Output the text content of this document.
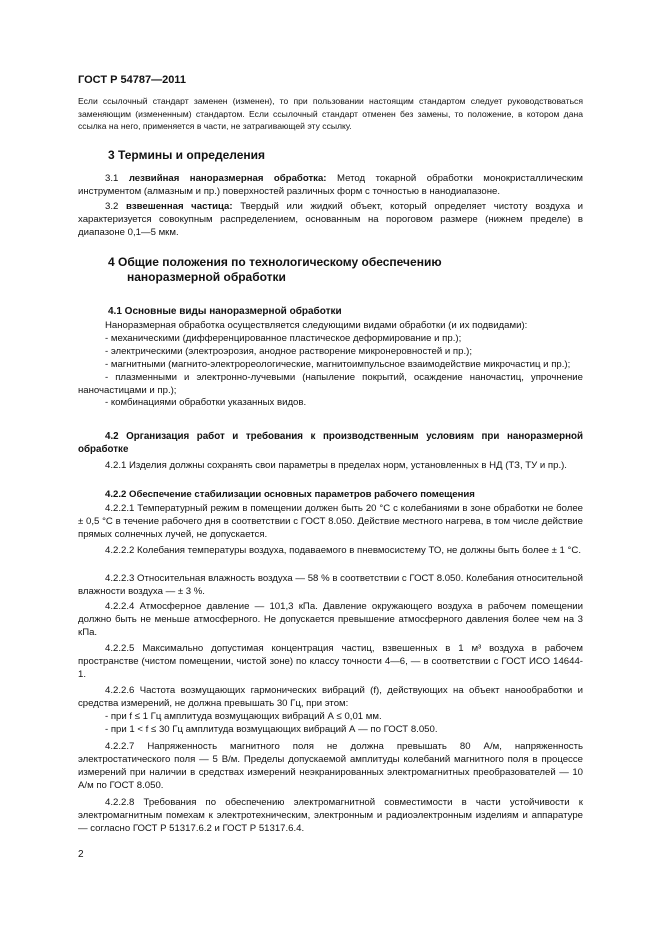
ГОСТ Р 54787—2011

Если ссылочный стандарт заменен (изменен), то при пользовании настоящим стандартом следует руководствоваться заменяющим (измененным) стандартом. Если ссылочный стандарт отменен без замены, то положение, в котором дана ссылка на него, применяется в части, не затрагивающей эту ссылку.

3 Термины и определения

3.1 лезвийная наноразмерная обработка: Метод токарной обработки монокристаллическим инструментом (алмазным и пр.) поверхностей различных форм с точностью в нанодиапазоне.

3.2 взвешенная частица: Твердый или жидкий объект, который определяет чистоту воздуха и характеризуется совокупным распределением, основанным на пороговом размере (нижнем пределе) в диапазоне 0,1—5 мкм.

4 Общие положения по технологическому обеспечению
наноразмерной обработки
4.1 Основные виды наноразмерной обработки

Наноразмерная обработка осуществляется следующими видами обработки (и их подвидами):

- механическими (дифференцированное пластическое деформирование и пр.);

- электрическими (электроэрозия, анодное растворение микронеровностей и пр.);

- магнитными (магнито-электрореологические, магнитоимпульсное взаимодействие микрочастиц и пр.);

- плазменными и электронно-лучевыми (напыление покрытий, осаждение наночастиц, упрочнение наночастицами и пр.);

- комбинациями обработки указанных видов.

4.2 Организация работ и требования к производственным условиям при наноразмерной обработке

4.2.1 Изделия должны сохранять свои параметры в пределах норм, установленных в НД (ТЗ, ТУ и пр.).

4.2.2 Обеспечение стабилизации основных параметров рабочего помещения

4.2.2.1 Температурный режим в помещении должен быть 20 °С с колебаниями в зоне обработки не более ± 0,5 °С в течение рабочего дня в соответствии с ГОСТ 8.050. Действие местного нагрева, в том числе действие прямых солнечных лучей, не допускается.

4.2.2.2 Колебания температуры воздуха, подаваемого в пневмосистему ТО, не должны быть более ± 1 °С.

4.2.2.3 Относительная влажность воздуха — 58 % в соответствии с ГОСТ 8.050. Колебания относительной влажности воздуха — ± 3 %.

4.2.2.4 Атмосферное давление — 101,3 кПа. Давление окружающего воздуха в рабочем помещении должно быть не меньше атмосферного. Не допускается превышение атмосферного давления более чем на 3 кПа.

4.2.2.5 Максимально допустимая концентрация частиц, взвешенных в 1 м³ воздуха в рабочем пространстве (чистом помещении, чистой зоне) по классу точности 4—6, — в соответствии с ГОСТ ИСО 14644-1.

4.2.2.6 Частота возмущающих гармонических вибраций (f), действующих на объект нанообработки и средства измерений, не должна превышать 30 Гц, при этом:

- при f ≤ 1 Гц амплитуда возмущающих вибраций А ≤ 0,01 мм.

- при 1 < f ≤ 30 Гц амплитуда возмущающих вибраций А — по ГОСТ 8.050.

4.2.2.7 Напряженность магнитного поля не должна превышать 80 А/м, напряженность электростатического поля — 5 В/м. Пределы допускаемой амплитуды колебаний магнитного поля в процессе измерений при наличии в средствах измерений неэкранированных электромагнитных преобразователей — 10 А/м по ГОСТ 8.050.

4.2.2.8 Требования по обеспечению электромагнитной совместимости в части устойчивости к электромагнитным помехам к электротехническим, электронным и радиоэлектронным изделиям и аппаратуре — согласно ГОСТ Р 51317.6.2 и ГОСТ Р 51317.6.4.

2
